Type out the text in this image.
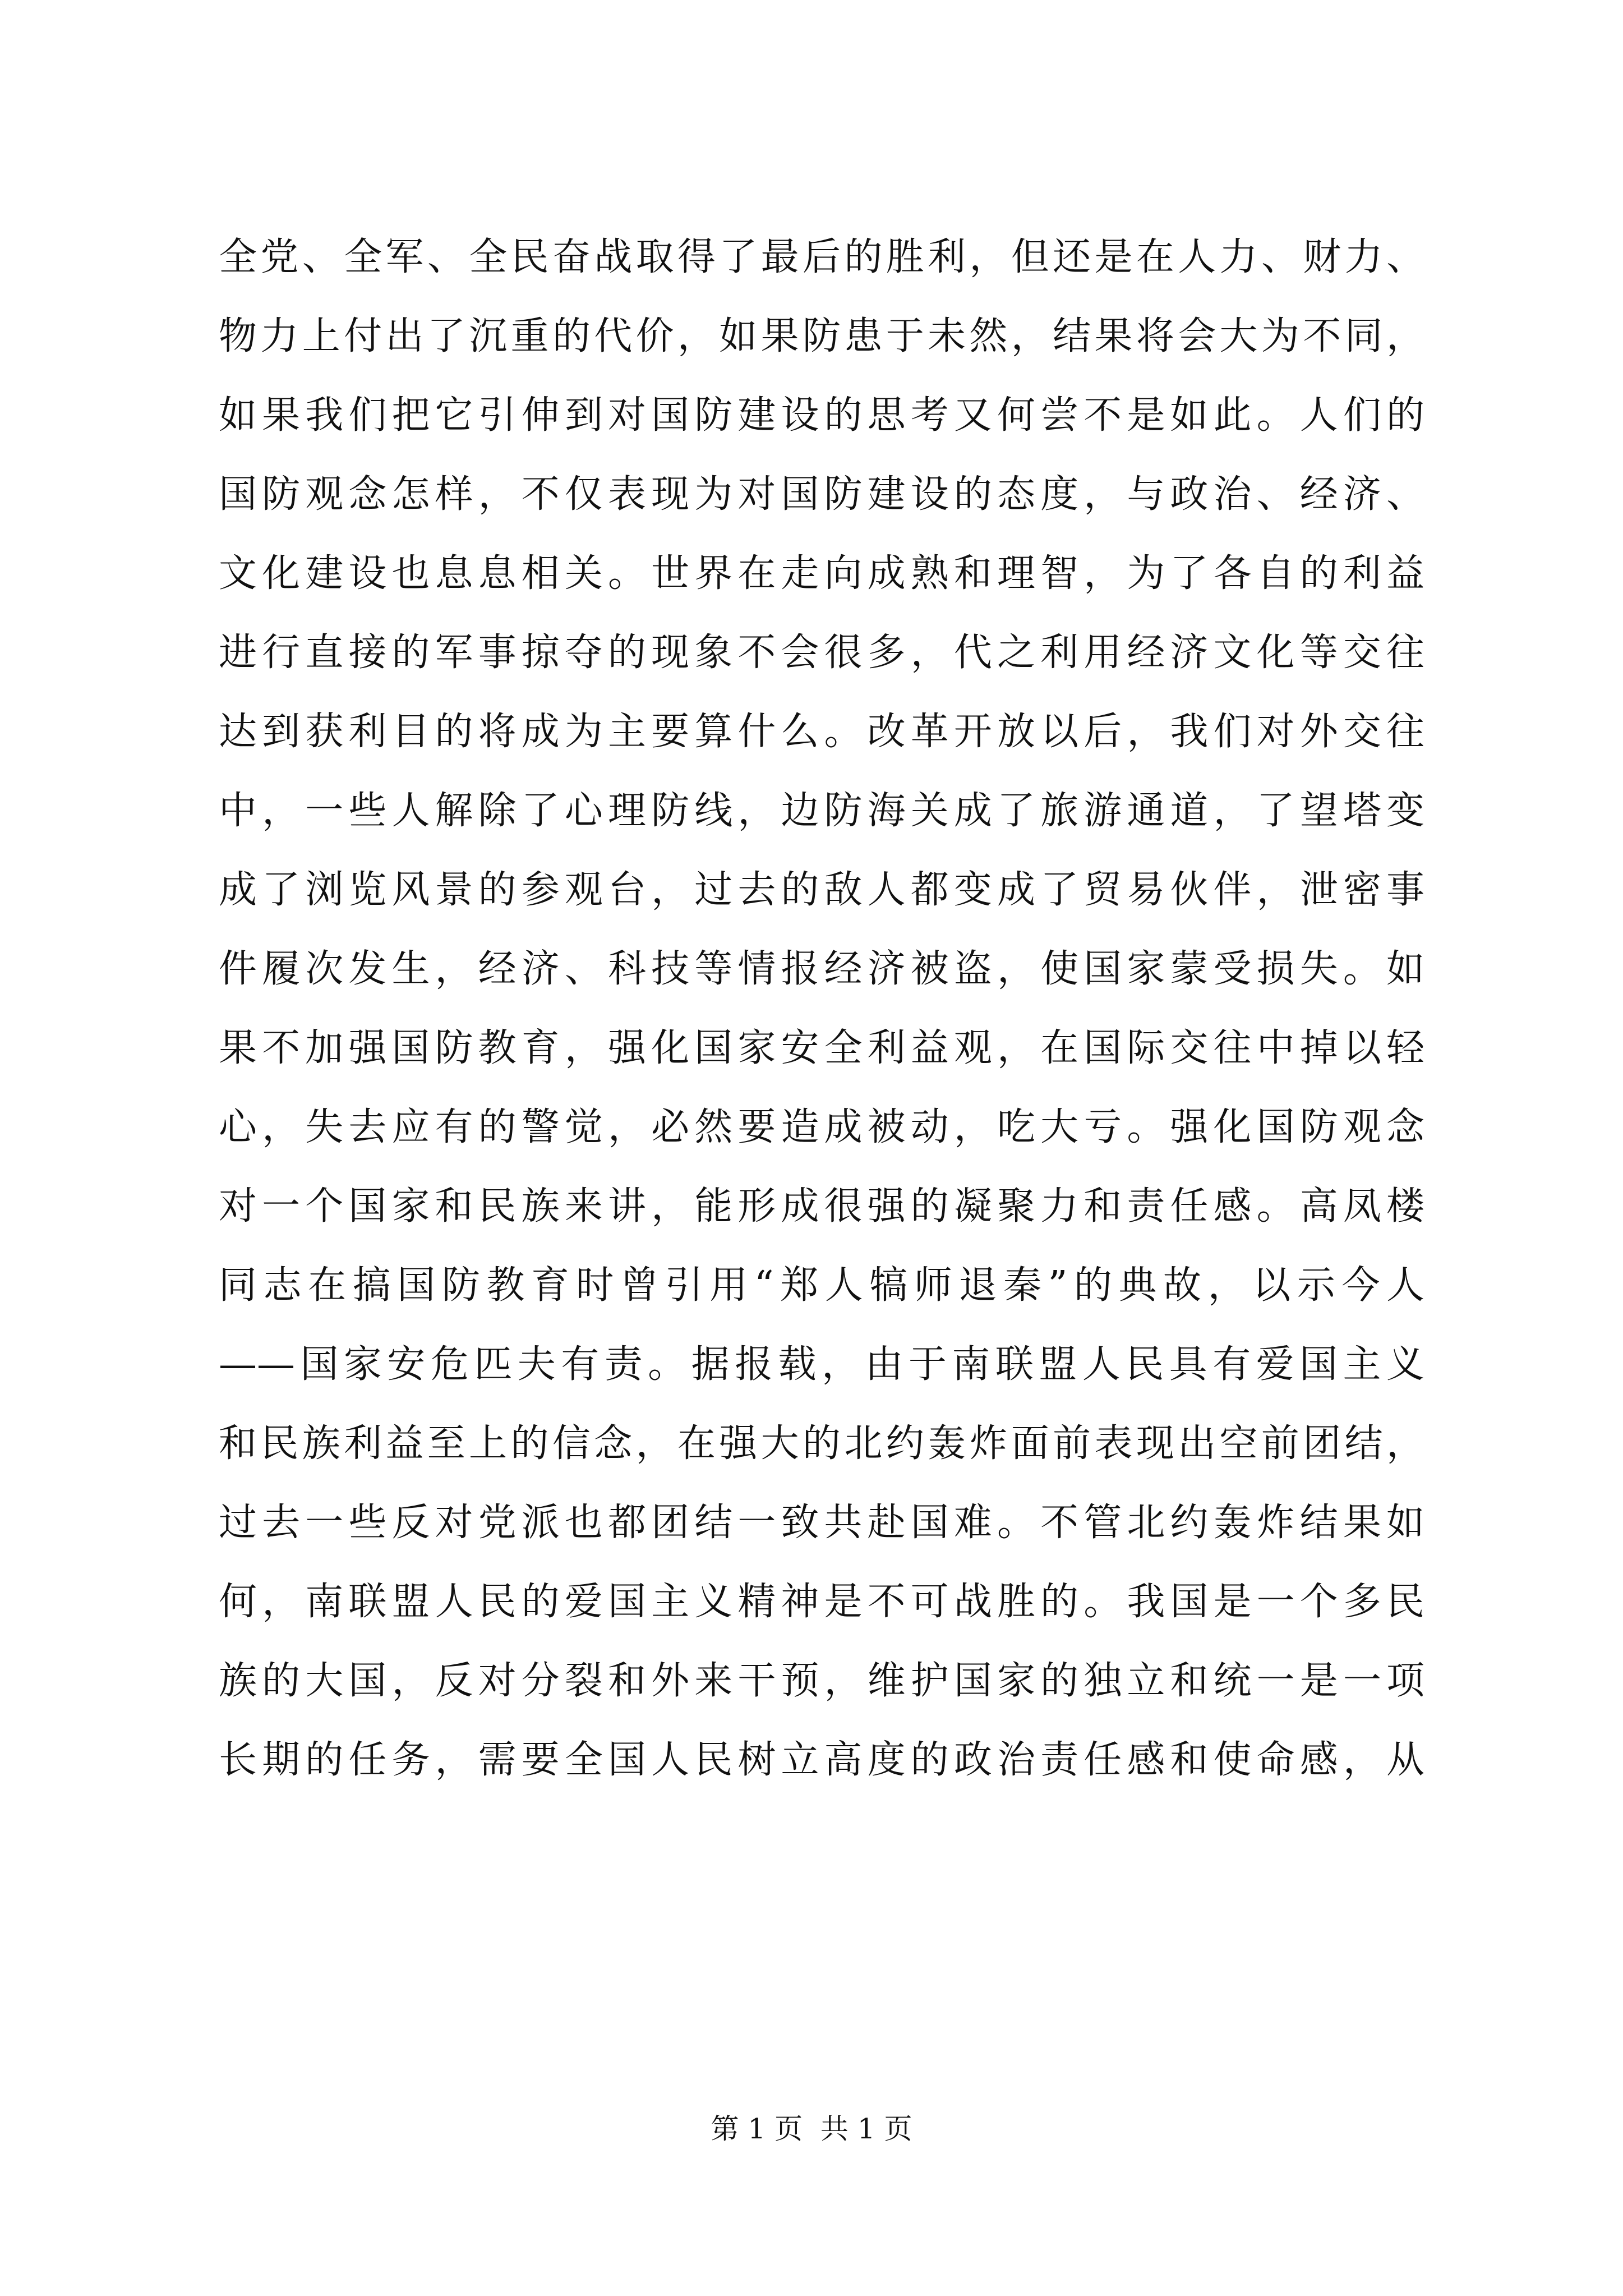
全党、全军、全民奋战取得了最后的胜利，但还是在人力、财力、
物力上付出了沉重的代价，如果防患于未然，结果将会大为不同，
如果我们把它引伸到对国防建设的思考又何尝不是如此。人们的
国防观念怎样，不仅表现为对国防建设的态度，与政治、经济、
文化建设也息息相关。世界在走向成熟和理智，为了各自的利益
进行直接的军事掠夺的现象不会很多，代之利用经济文化等交往
达到获利目的将成为主要算什么。改革开放以后，我们对外交往
中，一些人解除了心理防线，边防海关成了旅游通道，了望塔变
成了浏览风景的参观台，过去的敌人都变成了贸易伙伴，泄密事
件履次发生，经济、科技等情报经济被盗，使国家蒙受损失。如
果不加强国防教育，强化国家安全利益观，在国际交往中掉以轻
心，失去应有的警觉，必然要造成被动，吃大亏。强化国防观念
对一个国家和民族来讲，能形成很强的凝聚力和责任感。高凤楼
同志在搞国防教育时曾引用“郑人犒师退秦”的典故，以示今人
——国家安危匹夫有责。据报载，由于南联盟人民具有爱国主义
和民族利益至上的信念，在强大的北约轰炸面前表现出空前团结，
过去一些反对党派也都团结一致共赴国难。不管北约轰炸结果如
何，南联盟人民的爱国主义精神是不可战胜的。我国是一个多民
族的大国，反对分裂和外来干预，维护国家的独立和统一是一项
长期的任务，需要全国人民树立高度的政治责任感和使命感，从
第 1 页  共 1 页
